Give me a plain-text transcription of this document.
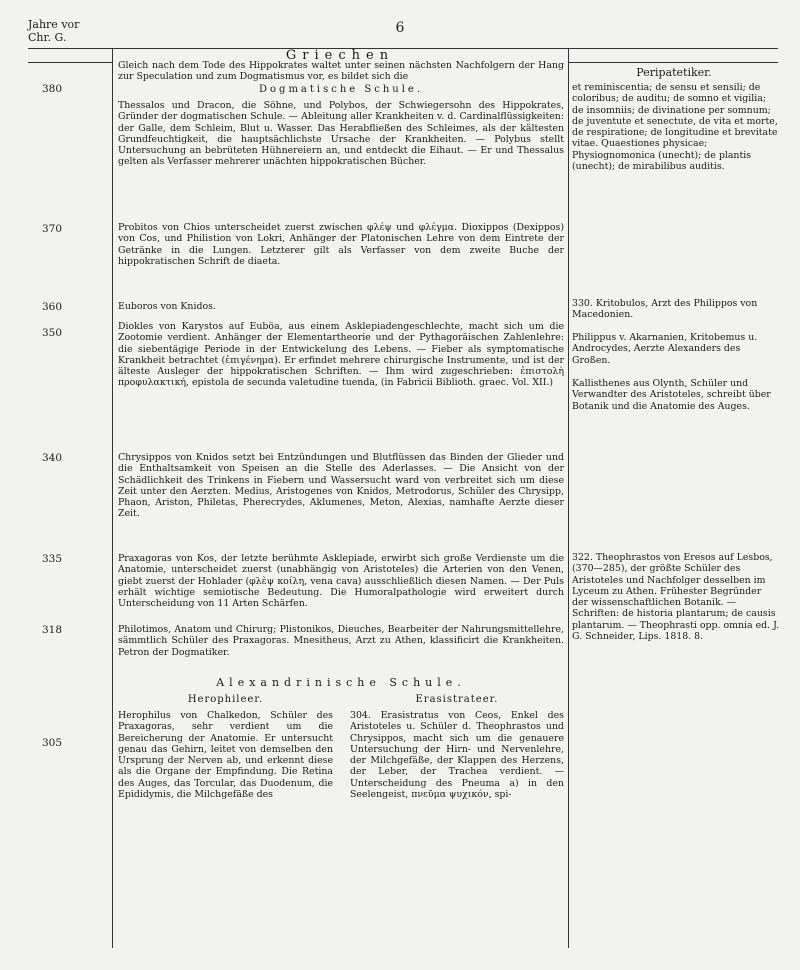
6
Jahre vor
Chr. G.
Griechen
Peripatetiker.
380
370
360
350
340
335
318
305

Gleich nach dem Tode des Hippokrates waltet unter seinen nächsten Nachfolgern der Hang zur Speculation und zum Dogmatismus vor, es bildet sich die

Dogmatische Schule.

Thessalos und Dracon, die Söhne, und Polybos, der Schwiegersohn des Hippokrates, Gründer der dogmatischen Schule. — Ableitung aller Krankheiten v. d. Cardinalflüssigkeiten: der Galle, dem Schleim, Blut u. Wasser. Das Herabfließen des Schleimes, als der kältesten Grundfeuchtigkeit, die hauptsächlichste Ursache der Krankheiten. — Polybus stellt Untersuchung an bebrüteten Hühnereiern an, und entdeckt die Eihaut. — Er und Thessalus gelten als Verfasser mehrerer unächten hippokratischen Bücher.

Probitos von Chios unterscheidet zuerst zwischen φλέψ und φλέγμα. Dioxippos (Dexippos) von Cos, und Philistion von Lokri, Anhänger der Platonischen Lehre von dem Eintrete der Getränke in die Lungen. Letzterer gilt als Verfasser von dem zweite Buche der hippokratischen Schrift de diaeta.

Euboros von Knidos.

Diokles von Karystos auf Euböa, aus einem Asklepiadengeschlechte, macht sich um die Zootomie verdient. Anhänger der Elementartheorie und der Pythagoräischen Zahlenlehre: die siebentägige Periode in der Entwickelung des Lebens. — Fieber als symptomatische Krankheit betrachtet (ἐπιγένημα). Er erfindet mehrere chirurgische Instrumente, und ist der älteste Ausleger der hippokratischen Schriften. — Ihm wird zugeschrieben: ἐπιστολὴ προφυλακτική, epistola de secunda valetudine tuenda, (in Fabricii Biblioth. graec. Vol. XII.)

Chrysippos von Knidos setzt bei Entzündungen und Blutflüssen das Binden der Glieder und die Enthaltsamkeit von Speisen an die Stelle des Aderlasses. — Die Ansicht von der Schädlichkeit des Trinkens in Fiebern und Wassersucht ward von verbreitet sich um diese Zeit unter den Aerzten. Medius, Aristogenes von Knidos, Metrodorus, Schüler des Chrysipp, Phaon, Ariston, Philetas, Pherecrydes, Aklumenes, Meton, Alexias, namhafte Aerzte dieser Zeit.

Praxagoras von Kos, der letzte berühmte Asklepiade, erwirbt sich große Verdienste um die Anatomie, unterscheidet zuerst (unabhängig von Aristoteles) die Arterien von den Venen, giebt zuerst der Hohlader (φλὲψ κοίλη, vena cava) ausschließlich diesen Namen. — Der Puls erhält wichtige semiotische Bedeutung. Die Humoralpathologie wird erweitert durch Unterscheidung von 11 Arten Schärfen.

Philotimos, Anatom und Chirurg; Plistonikos, Dieuches, Bearbeiter der Nahrungsmittellehre, sämmtlich Schüler des Praxagoras. Mnesitheus, Arzt zu Athen, klassificirt die Krankheiten. Petron der Dogmatiker.

et reminiscentia; de sensu et sensili; de coloribus; de auditu; de somno et vigilia; de insomniis; de divinatione per somnum; de juventute et senectute, de vita et morte, de respiratione; de longitudine et brevitate vitae. Quaestiones physicae; Physiognomonica (unecht); de plantis (unecht); de mirabilibus auditis.

330. Kritobulos, Arzt des Philippos von Macedonien.

Philippus v. Akarnanien, Kritobemus u. Androcydes, Aerzte Alexanders des Großen.

Kallisthenes aus Olynth, Schüler und Verwandter des Aristoteles, schreibt über Botanik und die Anatomie des Auges.

322. Theophrastos von Eresos auf Lesbos, (370—285), der größte Schüler des Aristoteles und Nachfolger desselben im Lyceum zu Athen. Frühester Begründer der wissenschaftlichen Botanik. — Schriften: de historia plantarum; de causis plantarum. — Theophrasti opp. omnia ed. J. G. Schneider, Lips. 1818. 8.

Alexandrinische Schule.
Herophileer.	Erasistrateer.

Herophilus von Chalkedon, Schüler des Praxagoras, sehr verdient um die Bereicherung der Anatomie. Er untersucht genau das Gehirn, leitet von demselben den Ursprung der Nerven ab, und erkennt diese als die Organe der Empfindung. Die Retina des Auges, das Torcular, das Duodenum, die Epididymis, die Milchgefäße des

304. Erasistratus von Ceos, Enkel des Aristoteles u. Schüler d. Theophrastos und Chrysippos, macht sich um die genauere Untersuchung der Hirn- und Nervenlehre, der Milchgefäße, der Klappen des Herzens, der Leber, der Trachea verdient. — Unterscheidung des Pneuma a) in den Seelengeist, πνεῦμα ψυχικόν, spi-
